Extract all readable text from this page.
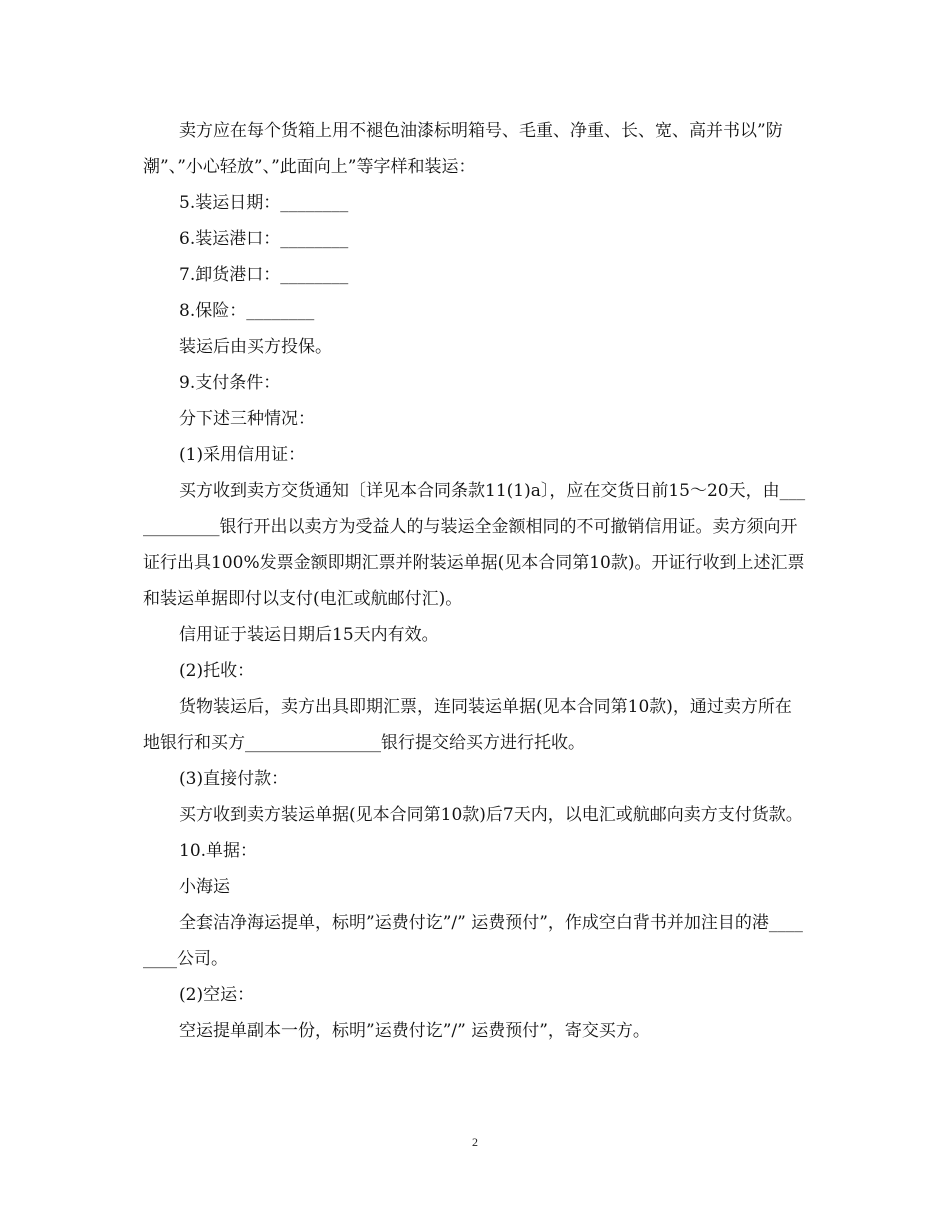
卖方应在每个货箱上用不褪色油漆标明箱号、毛重、净重、长、宽、高并书以”防潮”、”小心轻放”、”此面向上”等字样和装运：

5.装运日期：________

6.装运港口：________

7.卸货港口：________

8.保险：________

装运后由买方投保。

9.支付条件：

分下述三种情况：

(1)采用信用证：

买方收到卖方交货通知〔详见本合同条款11(1)a〕，应在交货日前15～20天，由____________银行开出以卖方为受益人的与装运全金额相同的不可撤销信用证。卖方须向开证行出具100%发票金额即期汇票并附装运单据(见本合同第10款)。开证行收到上述汇票和装运单据即付以支付(电汇或航邮付汇)。

信用证于装运日期后15天内有效。

(2)托收：

货物装运后，卖方出具即期汇票，连同装运单据(见本合同第10款)，通过卖方所在地银行和买方________________银行提交给买方进行托收。

(3)直接付款：

买方收到卖方装运单据(见本合同第10款)后7天内，以电汇或航邮向卖方支付货款。

10.单据：

小海运

全套洁净海运提单，标明”运费付讫”/” 运费预付”，作成空白背书并加注目的港________公司。

(2)空运：

空运提单副本一份，标明”运费付讫”/” 运费预付”，寄交买方。

2
